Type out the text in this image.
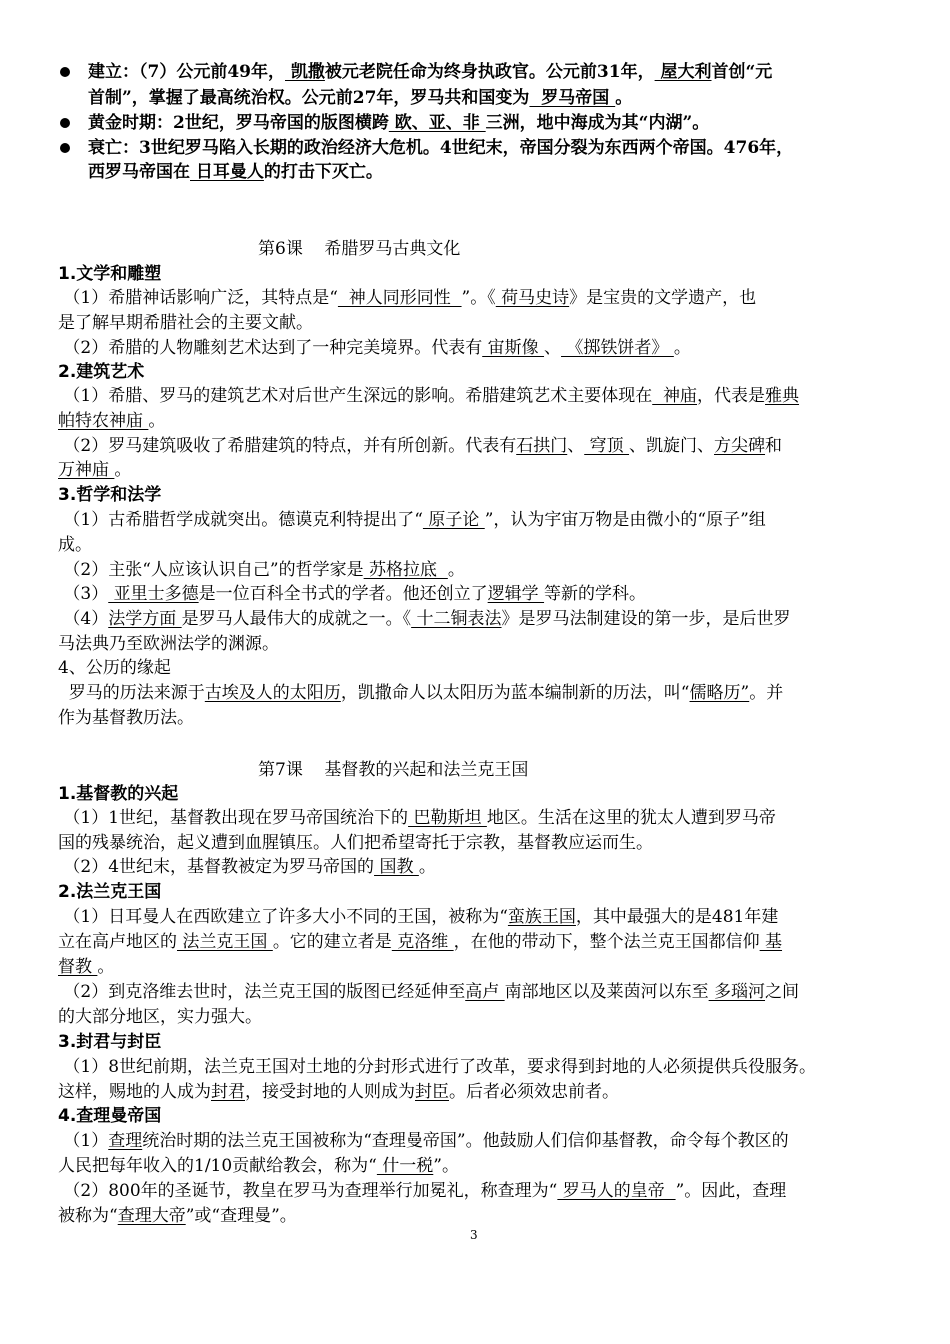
建立：（7）公元前49年， 凯撒被元老院任命为终身执政官。公元前31年， 屋大利首创“元
首制”，掌握了最高统治权。公元前27年，罗马共和国变为  罗马帝国 。
黄金时期：2世纪，罗马帝国的版图横跨 欧、亚、非 三洲，地中海成为其“内湖”。
衰亡：3世纪罗马陷入长期的政治经济大危机。4世纪末，帝国分裂为东西两个帝国。476年，
西罗马帝国在 日耳曼人的打击下灭亡。
第6课    希腊罗马古典文化
1.文学和雕塑
（1）希腊神话影响广泛，其特点是“  神人同形同性  ”。《 荷马史诗》是宝贵的文学遗产，也
是了解早期希腊社会的主要文献。
（2）希腊的人物雕刻艺术达到了一种完美境界。代表有 宙斯像 、 《掷铁饼者》 。
2.建筑艺术
（1）希腊、罗马的建筑艺术对后世产生深远的影响。希腊建筑艺术主要体现在  神庙，代表是雅典
帕特农神庙 。
（2）罗马建筑吸收了希腊建筑的特点，并有所创新。代表有石拱门、 穹顶 、凯旋门、方尖碑和
万神庙 。
3.哲学和法学
（1）古希腊哲学成就突出。德谟克利特提出了“ 原子论 ”，认为宇宙万物是由微小的“原子”组
成。
（2）主张“人应该认识自己”的哲学家是 苏格拉底  。
（3） 亚里士多德是一位百科全书式的学者。他还创立了逻辑学 等新的学科。
（4）法学方面 是罗马人最伟大的成就之一。《 十二铜表法》是罗马法制建设的第一步，是后世罗
马法典乃至欧洲法学的渊源。
4、公历的缘起
罗马的历法来源于古埃及人的太阳历，凯撒命人以太阳历为蓝本编制新的历法，叫“儒略历”。并
作为基督教历法。
第7课    基督教的兴起和法兰克王国
1.基督教的兴起
（1）1世纪，基督教出现在罗马帝国统治下的 巴勒斯坦 地区。生活在这里的犹太人遭到罗马帝
国的残暴统治，起义遭到血腥镇压。人们把希望寄托于宗教，基督教应运而生。
（2）4世纪末，基督教被定为罗马帝国的 国教 。
2.法兰克王国
（1）日耳曼人在西欧建立了许多大小不同的王国，被称为“蛮族王国，其中最强大的是481年建
立在高卢地区的 法兰克王国 。它的建立者是 克洛维 ，在他的带动下，整个法兰克王国都信仰 基
督教 。
（2）到克洛维去世时，法兰克王国的版图已经延伸至高卢 南部地区以及莱茵河以东至 多瑙河之间
的大部分地区，实力强大。
3.封君与封臣
（1）8世纪前期，法兰克王国对土地的分封形式进行了改革，要求得到封地的人必须提供兵役服务。
这样，赐地的人成为封君，接受封地的人则成为封臣。后者必须效忠前者。
4.查理曼帝国
（1）查理统治时期的法兰克王国被称为“查理曼帝国”。他鼓励人们信仰基督教，命令每个教区的
人民把每年收入的1/10贡献给教会，称为“ 什一税”。
（2）800年的圣诞节，教皇在罗马为查理举行加冕礼，称查理为“ 罗马人的皇帝  ”。因此，查理
被称为“查理大帝”或“查理曼”。
3
